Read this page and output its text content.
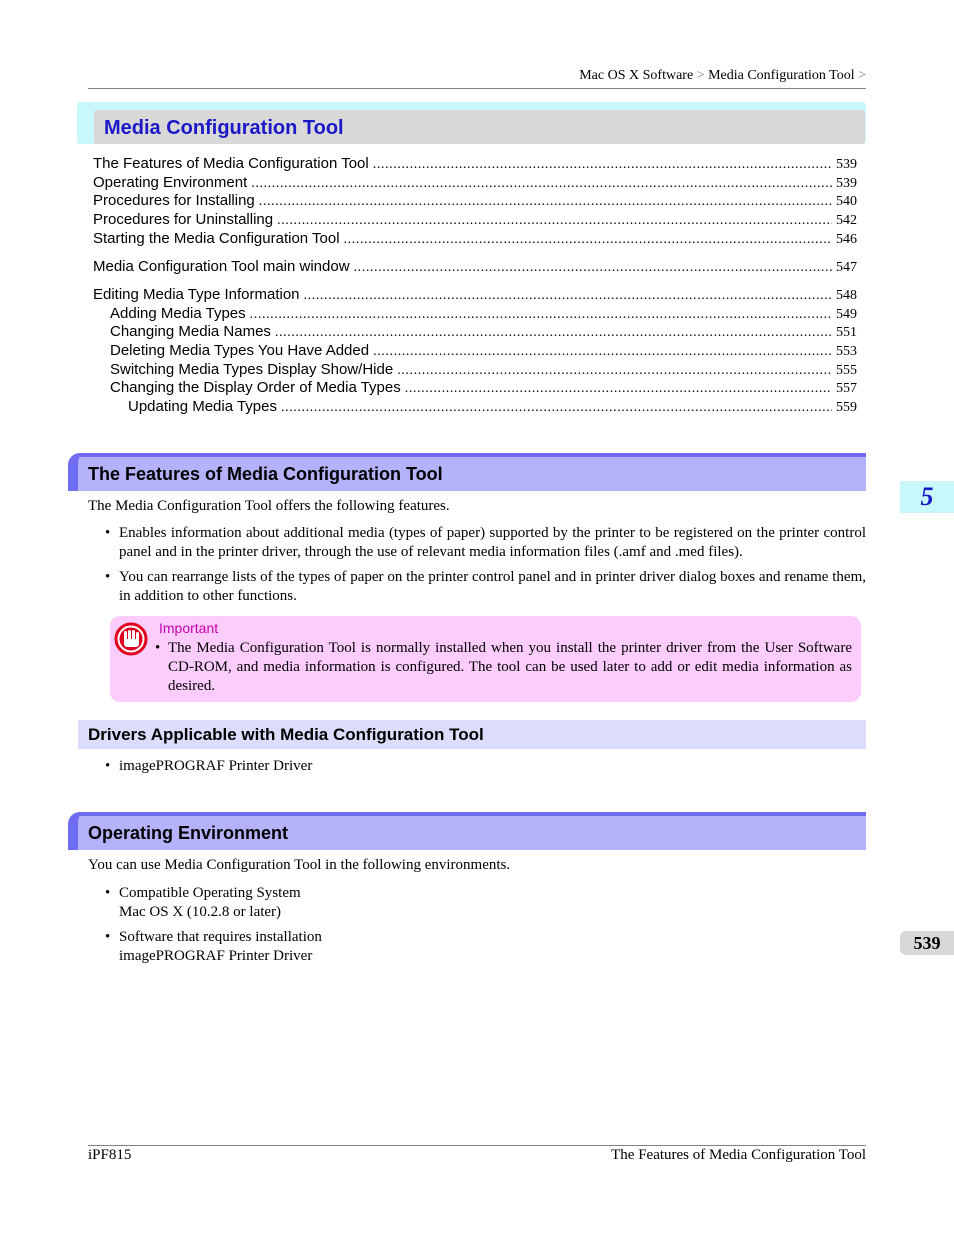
Mac OS X Software > Media Configuration Tool >
Media Configuration Tool
The Features of Media Configuration Tool .....	539
Operating Environment .....	539
Procedures for Installing .....	540
Procedures for Uninstalling .....	542
Starting the Media Configuration Tool .....	546
Media Configuration Tool main window .....	547
Editing Media Type Information .....	548
Adding Media Types .....	549
Changing Media Names .....	551
Deleting Media Types You Have Added .....	553
Switching Media Types Display Show/Hide .....	555
Changing the Display Order of Media Types .....	557
Updating Media Types .....	559
The Features of Media Configuration Tool

The Media Configuration Tool offers the following features.

• Enables information about additional media (types of paper) supported by the printer to be registered on the printer control panel and in the printer driver, through the use of relevant media information files (.amf and .med files).
• You can rearrange lists of the types of paper on the printer control panel and in printer driver dialog boxes and rename them, in addition to other functions.
Important
• The Media Configuration Tool is normally installed when you install the printer driver from the User Software CD-ROM, and media information is configured. The tool can be used later to add or edit media information as desired.
Drivers Applicable with Media Configuration Tool
• imagePROGRAF Printer Driver
Operating Environment

You can use Media Configuration Tool in the following environments.

• Compatible Operating System
Mac OS X (10.2.8 or later)
• Software that requires installation
imagePROGRAF Printer Driver
5
539
iPF815	The Features of Media Configuration Tool
